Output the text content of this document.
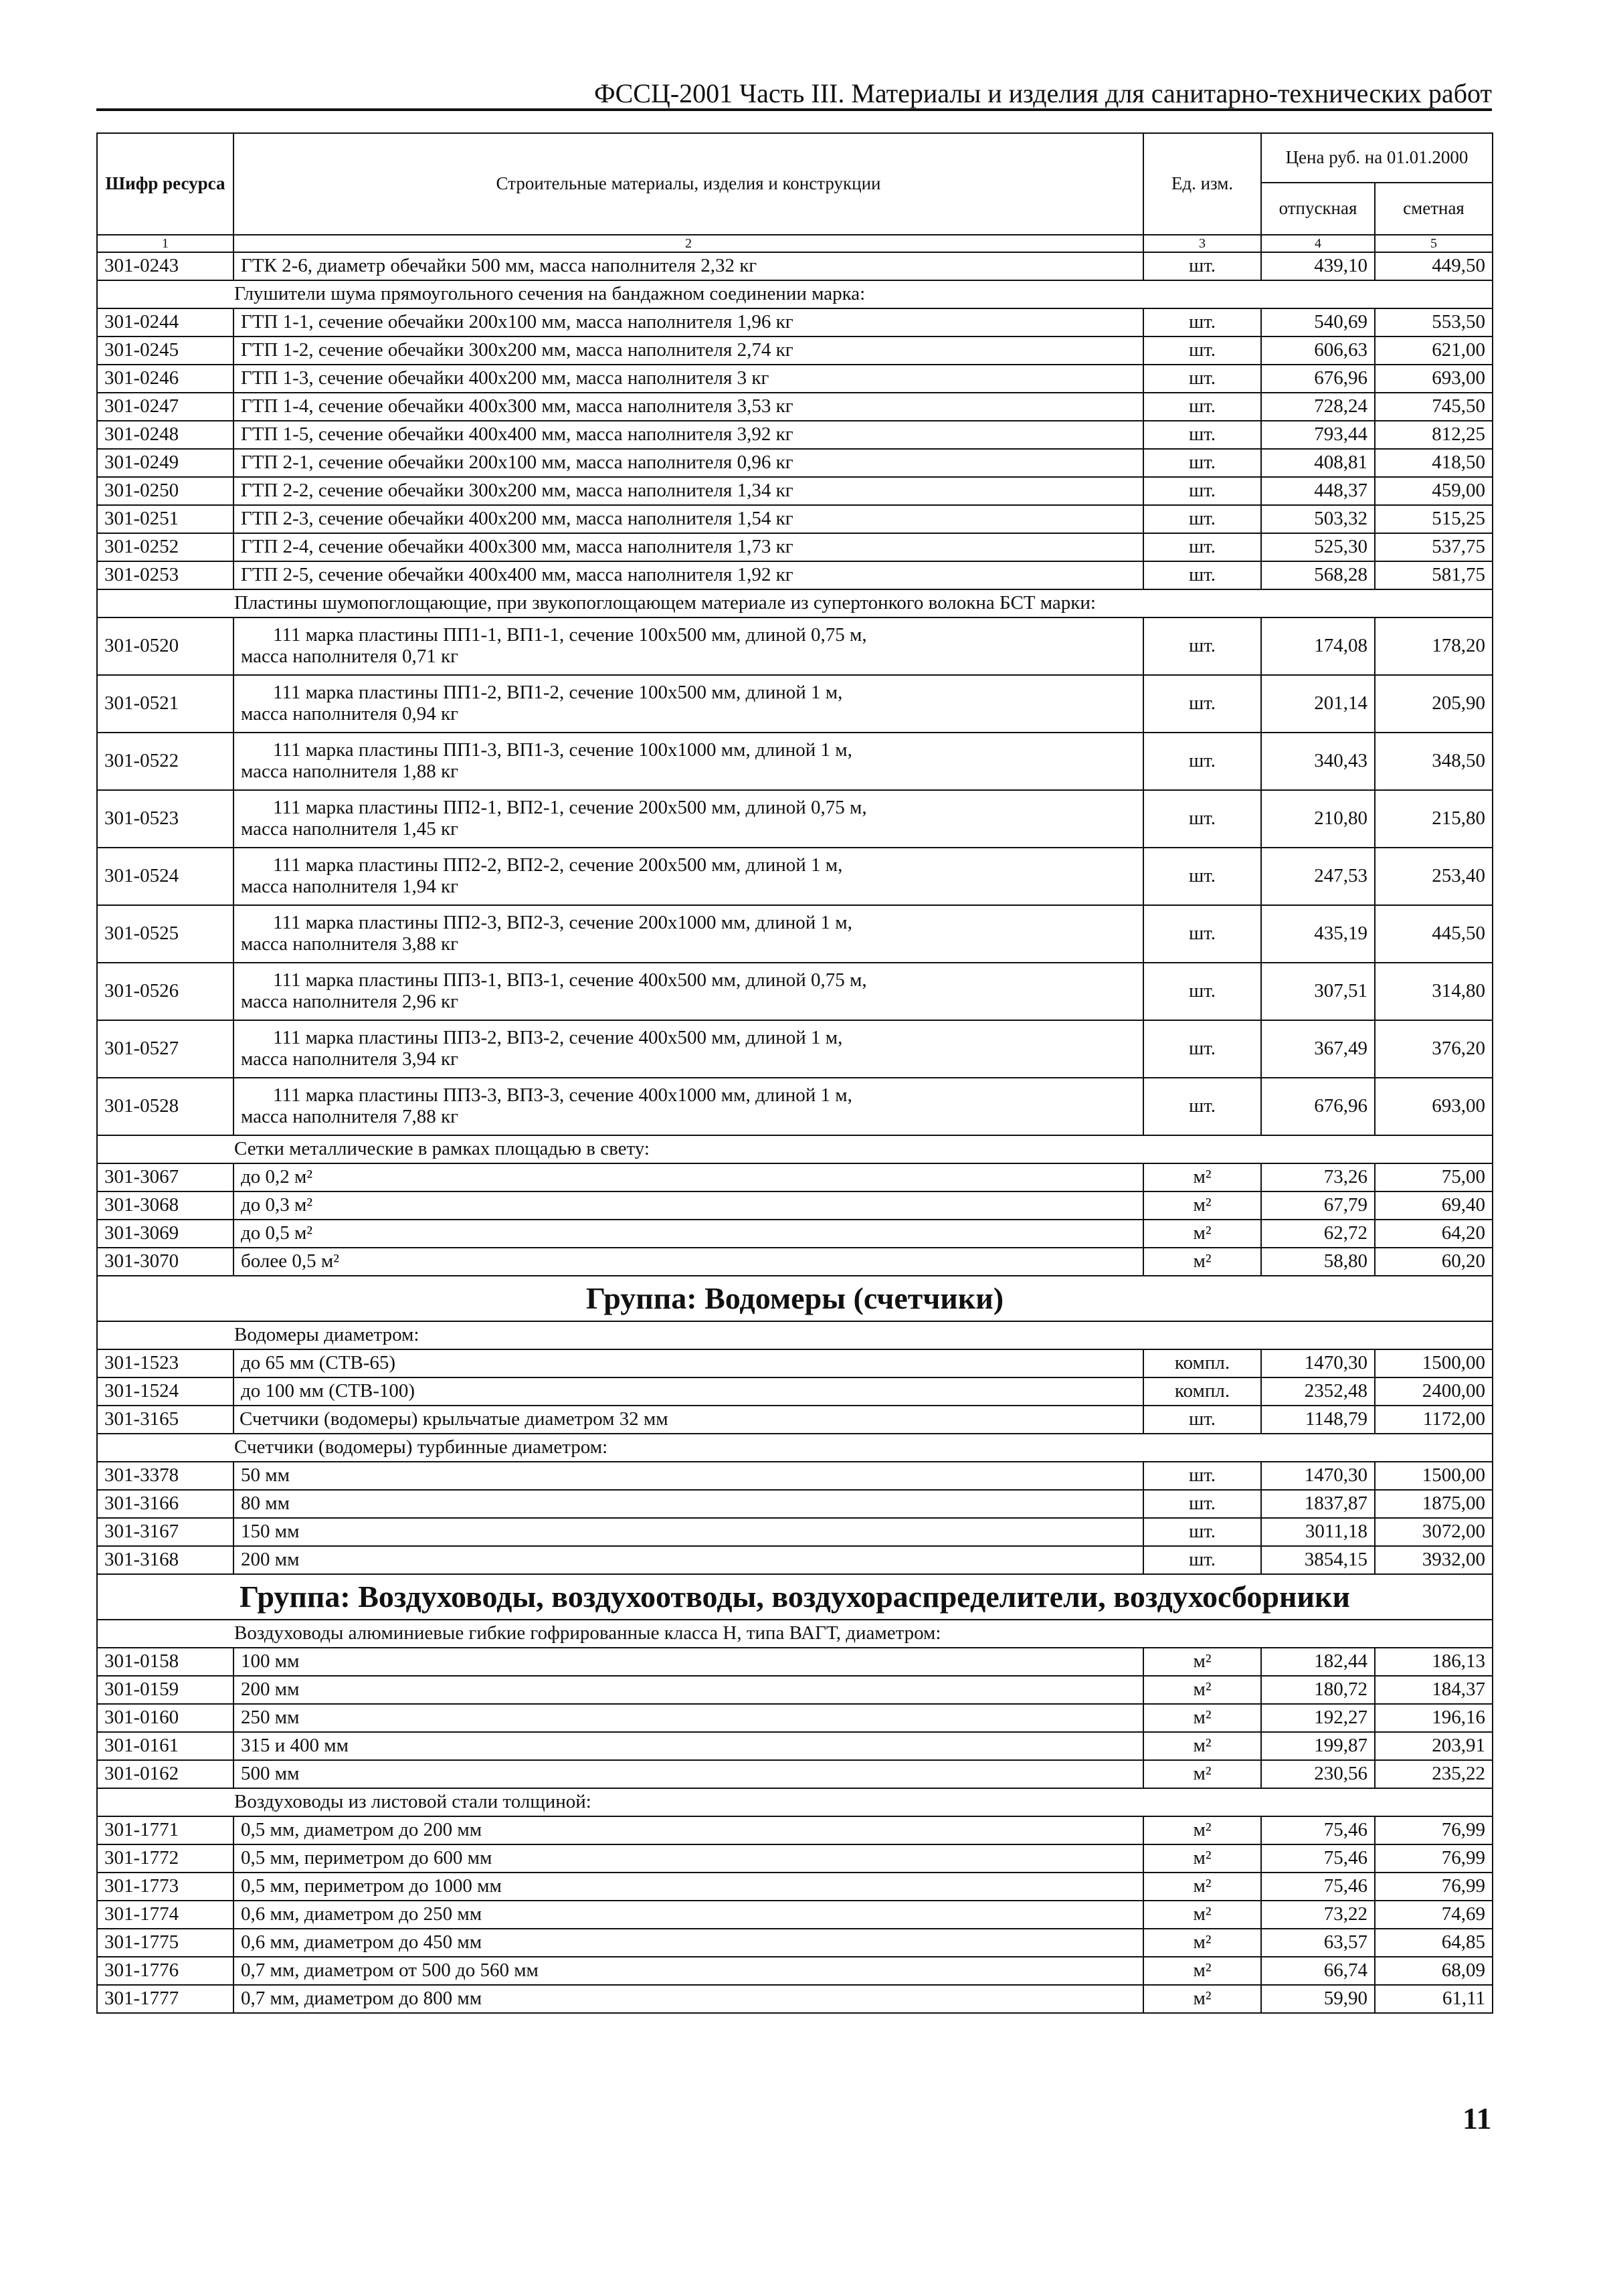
ФССЦ-2001 Часть III. Материалы и изделия для санитарно-технических работ
Шифр ресурса	Строительные материалы, изделия и конструкции	Ед. изм.	Цена руб. на 01.01.2000	
			отпускная	сметная
1	2	3	4	5
301-0243	ГТК 2-6, диаметр обечайки 500 мм, масса наполнителя 2,32 кг	шт.	439,10	449,50
Глушители шума прямоугольного сечения на бандажном соединении марка:				
301-0244	ГТП 1-1, сечение обечайки 200х100 мм, масса наполнителя 1,96 кг	шт.	540,69	553,50
301-0245	ГТП 1-2, сечение обечайки 300х200 мм, масса наполнителя 2,74 кг	шт.	606,63	621,00
301-0246	ГТП 1-3, сечение обечайки 400х200 мм, масса наполнителя 3 кг	шт.	676,96	693,00
301-0247	ГТП 1-4, сечение обечайки 400х300 мм, масса наполнителя 3,53 кг	шт.	728,24	745,50
301-0248	ГТП 1-5, сечение обечайки 400х400 мм, масса наполнителя 3,92 кг	шт.	793,44	812,25
301-0249	ГТП 2-1, сечение обечайки 200х100 мм, масса наполнителя 0,96 кг	шт.	408,81	418,50
301-0250	ГТП 2-2, сечение обечайки 300х200 мм, масса наполнителя 1,34 кг	шт.	448,37	459,00
301-0251	ГТП 2-3, сечение обечайки 400х200 мм, масса наполнителя 1,54 кг	шт.	503,32	515,25
301-0252	ГТП 2-4, сечение обечайки 400х300 мм, масса наполнителя 1,73 кг	шт.	525,30	537,75
301-0253	ГТП 2-5, сечение обечайки 400х400 мм, масса наполнителя 1,92 кг	шт.	568,28	581,75
Пластины шумопоглощающие, при звукопоглощающем материале из супертонкого волокна БСТ марки:				
301-0520	111 марка пластины ПП1-1, ВП1-1, сечение 100х500 мм, длиной 0,75 м,
масса наполнителя 0,71 кг	шт.	174,08	178,20
301-0521	111 марка пластины ПП1-2, ВП1-2, сечение 100х500 мм, длиной 1 м,
масса наполнителя 0,94 кг	шт.	201,14	205,90
301-0522	111 марка пластины ПП1-3, ВП1-3, сечение 100х1000 мм, длиной 1 м,
масса наполнителя 1,88 кг	шт.	340,43	348,50
301-0523	111 марка пластины ПП2-1, ВП2-1, сечение 200х500 мм, длиной 0,75 м,
масса наполнителя 1,45 кг	шт.	210,80	215,80
301-0524	111 марка пластины ПП2-2, ВП2-2, сечение 200х500 мм, длиной 1 м,
масса наполнителя 1,94 кг	шт.	247,53	253,40
301-0525	111 марка пластины ПП2-3, ВП2-3, сечение 200х1000 мм, длиной 1 м,
масса наполнителя 3,88 кг	шт.	435,19	445,50
301-0526	111 марка пластины ПП3-1, ВП3-1, сечение 400х500 мм, длиной 0,75 м,
масса наполнителя 2,96 кг	шт.	307,51	314,80
301-0527	111 марка пластины ПП3-2, ВП3-2, сечение 400х500 мм, длиной 1 м,
масса наполнителя 3,94 кг	шт.	367,49	376,20
301-0528	111 марка пластины ПП3-3, ВП3-3, сечение 400х1000 мм, длиной 1 м,
масса наполнителя 7,88 кг	шт.	676,96	693,00
Сетки металлические в рамках площадью в свету:				
301-3067	до 0,2 м²	м²	73,26	75,00
301-3068	до 0,3 м²	м²	67,79	69,40
301-3069	до 0,5 м²	м²	62,72	64,20
301-3070	более 0,5 м²	м²	58,80	60,20
Группа: Водомеры (счетчики)				
Водомеры диаметром:				
301-1523	до 65 мм (СТВ-65)	компл.	1470,30	1500,00
301-1524	до 100 мм (СТВ-100)	компл.	2352,48	2400,00
301-3165	Счетчики (водомеры) крыльчатые диаметром 32 мм	шт.	1148,79	1172,00
Счетчики (водомеры) турбинные диаметром:				
301-3378	50 мм	шт.	1470,30	1500,00
301-3166	80 мм	шт.	1837,87	1875,00
301-3167	150 мм	шт.	3011,18	3072,00
301-3168	200 мм	шт.	3854,15	3932,00
Группа: Воздуховоды, воздухоотводы, воздухораспределители, воздухосборники				
Воздуховоды алюминиевые гибкие гофрированные класса Н, типа ВАГТ, диаметром:				
301-0158	100 мм	м²	182,44	186,13
301-0159	200 мм	м²	180,72	184,37
301-0160	250 мм	м²	192,27	196,16
301-0161	315 и 400 мм	м²	199,87	203,91
301-0162	500 мм	м²	230,56	235,22
Воздуховоды из листовой стали толщиной:				
301-1771	0,5 мм, диаметром до 200 мм	м²	75,46	76,99
301-1772	0,5 мм, периметром до 600 мм	м²	75,46	76,99
301-1773	0,5 мм, периметром до 1000 мм	м²	75,46	76,99
301-1774	0,6 мм, диаметром до 250 мм	м²	73,22	74,69
301-1775	0,6 мм, диаметром до 450 мм	м²	63,57	64,85
301-1776	0,7 мм, диаметром от 500 до 560 мм	м²	66,74	68,09
301-1777	0,7 мм, диаметром до 800 мм	м²	59,90	61,11
11
